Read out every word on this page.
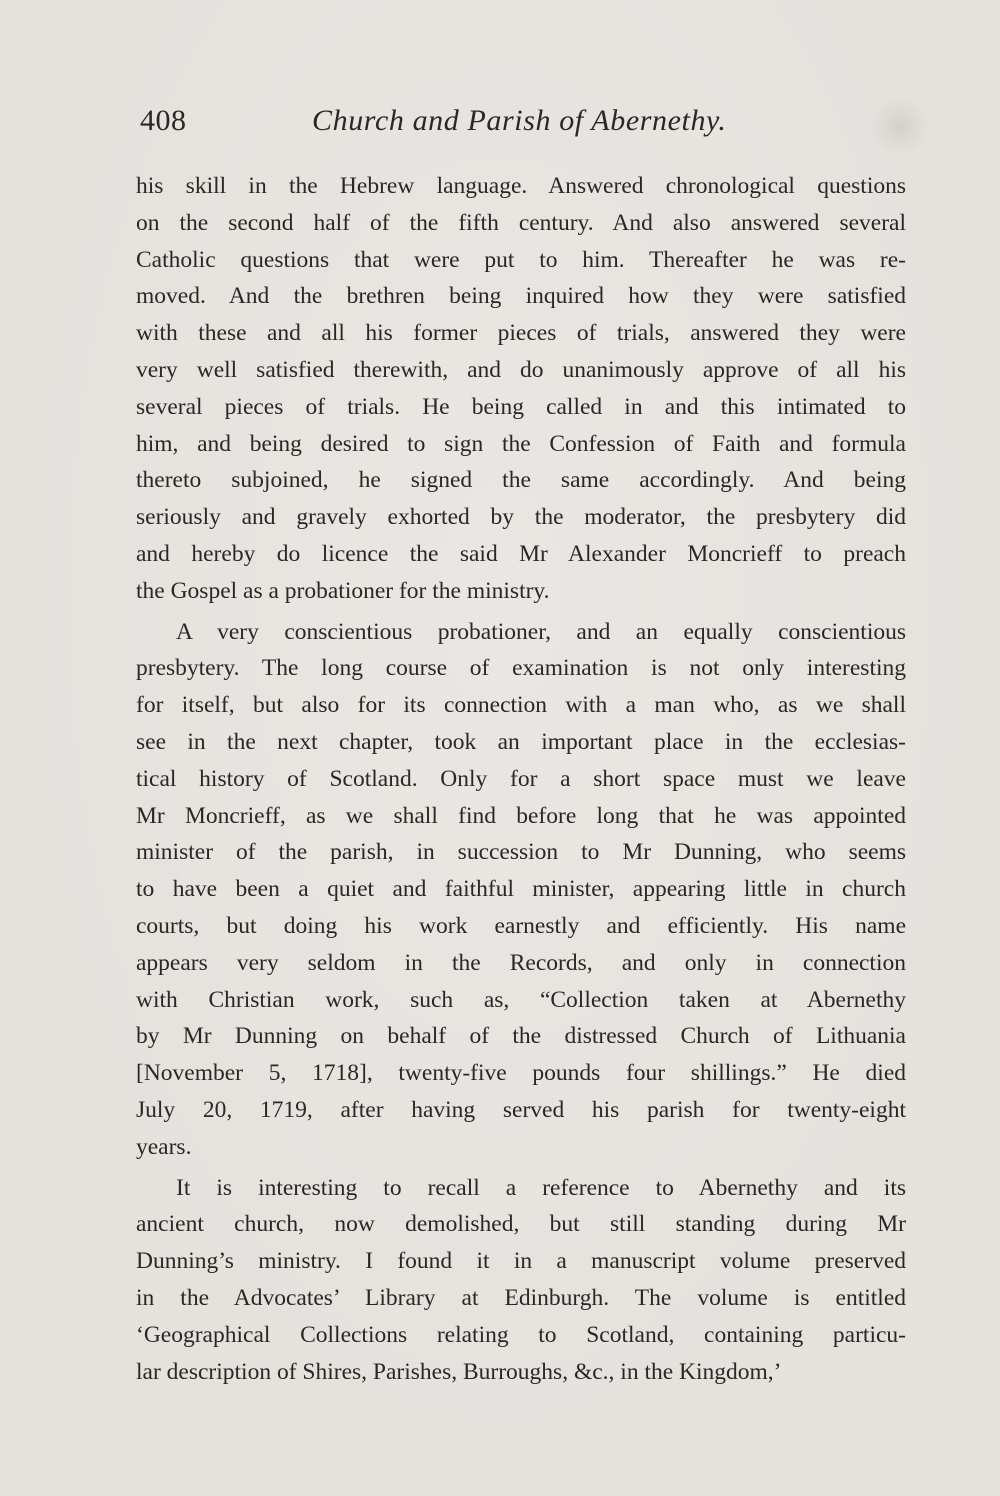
408	Church and Parish of Abernethy.
his skill in the Hebrew language. Answered chronological questions
on the second half of the fifth century. And also answered several
Catholic questions that were put to him. Thereafter he was re-
moved. And the brethren being inquired how they were satisfied
with these and all his former pieces of trials, answered they were
very well satisfied therewith, and do unanimously approve of all his
several pieces of trials. He being called in and this intimated to
him, and being desired to sign the Confession of Faith and formula
thereto subjoined, he signed the same accordingly. And being
seriously and gravely exhorted by the moderator, the presbytery did
and hereby do licence the said Mr Alexander Moncrieff to preach
the Gospel as a probationer for the ministry.
A very conscientious probationer, and an equally conscientious
presbytery. The long course of examination is not only interesting
for itself, but also for its connection with a man who, as we shall
see in the next chapter, took an important place in the ecclesias-
tical history of Scotland. Only for a short space must we leave
Mr Moncrieff, as we shall find before long that he was appointed
minister of the parish, in succession to Mr Dunning, who seems
to have been a quiet and faithful minister, appearing little in church
courts, but doing his work earnestly and efficiently. His name
appears very seldom in the Records, and only in connection
with Christian work, such as, “Collection taken at Abernethy
by Mr Dunning on behalf of the distressed Church of Lithuania
[November 5, 1718], twenty-five pounds four shillings.” He died
July 20, 1719, after having served his parish for twenty-eight
years.
It is interesting to recall a reference to Abernethy and its
ancient church, now demolished, but still standing during Mr
Dunning’s ministry. I found it in a manuscript volume preserved
in the Advocates’ Library at Edinburgh. The volume is entitled
‘Geographical Collections relating to Scotland, containing particu-
lar description of Shires, Parishes, Burroughs, &c., in the Kingdom,’
